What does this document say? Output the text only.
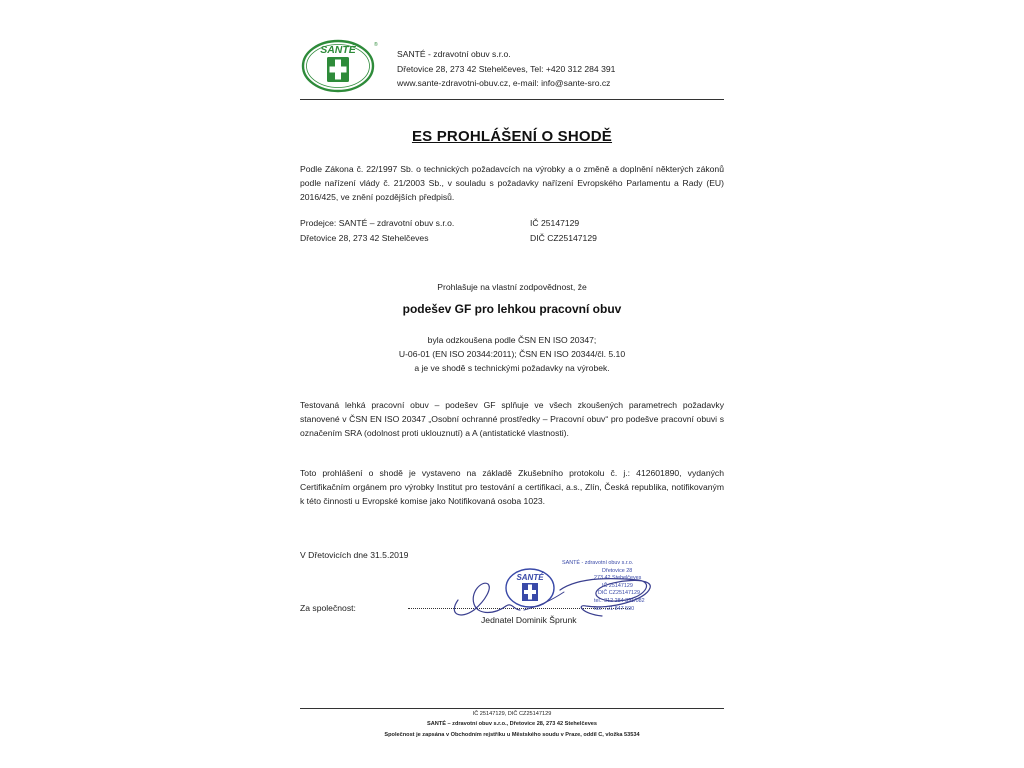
SANTÉ	®
SANTÉ - zdravotní obuv s.r.o.
Dřetovice 28, 273 42 Stehelčeves, Tel: +420 312 284 391
www.sante-zdravotni-obuv.cz, e-mail: info@sante-sro.cz
ES PROHLÁŠENÍ O SHODĚ
Podle Zákona č. 22/1997 Sb. o technických požadavcích na výrobky a o změně a doplnění některých zákonů podle nařízení vlády č. 21/2003 Sb., v souladu s požadavky nařízení Evropského Parlamentu a Rady (EU) 2016/425, ve znění pozdějších předpisů.
Prodejce: SANTÉ – zdravotní obuv s.r.o.
Dřetovice 28, 273 42 Stehelčeves
IČ 25147129
DIČ CZ25147129
Prohlašuje na vlastní zodpovědnost, že
podešev GF pro lehkou pracovní obuv
byla odzkoušena podle ČSN EN ISO 20347;
U-06-01 (EN ISO 20344:2011); ČSN EN ISO 20344/čl. 5.10
a je ve shodě s technickými požadavky na výrobek.
Testovaná lehká pracovní obuv – podešev GF splňuje ve všech zkoušených parametrech požadavky stanovené v ČSN EN ISO 20347 „Osobní ochranné prostředky – Pracovní obuv“ pro podešve pracovní obuvi s označením SRA (odolnost proti uklouznutí) a A (antistatické vlastnosti).
Toto prohlášení o shodě je vystaveno na základě Zkušebního protokolu č. j.: 412601890, vydaných Certifikačním orgánem pro výrobky Institut pro testování a certifikaci, a.s., Zlín, Česká republika, notifikovaným k této činnosti u Evropské komise jako Notifikovaná osoba 1023.
V Dřetovicích dne 31.5.2019
Za společnost:
SANTÉ
SANTÉ - zdravotní obuv s.r.o.
Dřetovice 28
273 42 Stehelčeves
IČ 25147129
DIČ CZ25147129
tel.: 312 284 391/082
fax: 721 847 590
Jednatel Dominik Šprunk
IČ 25147129, DIČ CZ25147129
SANTÉ – zdravotní obuv s.r.o., Dřetovice 28, 273 42 Stehelčeves
Společnost je zapsána v Obchodním rejstříku u Městského soudu v Praze, oddíl C, vložka 53534
